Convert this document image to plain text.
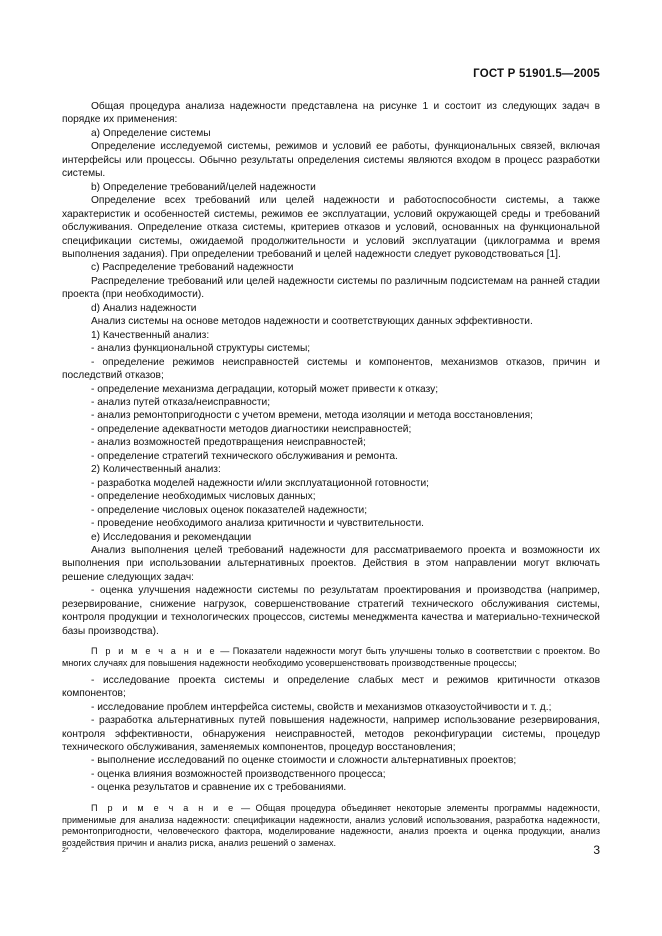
ГОСТ Р 51901.5—2005

Общая процедура анализа надежности представлена на рисунке 1 и состоит из следующих задач в порядке их применения:

a) Определение системы

Определение исследуемой системы, режимов и условий ее работы, функциональных связей, включая интерфейсы или процессы. Обычно результаты определения системы являются входом в процесс разработки системы.

b) Определение требований/целей надежности

Определение всех требований или целей надежности и работоспособности системы, а также характеристик и особенностей системы, режимов ее эксплуатации, условий окружающей среды и требований обслуживания. Определение отказа системы, критериев отказов и условий, основанных на функциональной спецификации системы, ожидаемой продолжительности и условий эксплуатации (циклограмма и время выполнения задания). При определении требований и целей надежности следует руководствоваться [1].

c) Распределение требований надежности

Распределение требований или целей надежности системы по различным подсистемам на ранней стадии проекта (при необходимости).

d) Анализ надежности

Анализ системы на основе методов надежности и соответствующих данных эффективности.

1) Качественный анализ:

- анализ функциональной структуры системы;

- определение режимов неисправностей системы и компонентов, механизмов отказов, причин и последствий отказов;

- определение механизма деградации, который может привести к отказу;

- анализ путей отказа/неисправности;

- анализ ремонтопригодности с учетом времени, метода изоляции и метода восстановления;

- определение адекватности методов диагностики неисправностей;

- анализ возможностей предотвращения неисправностей;

- определение стратегий технического обслуживания и ремонта.

2) Количественный анализ:

- разработка моделей надежности и/или эксплуатационной готовности;

- определение необходимых числовых данных;

- определение числовых оценок показателей надежности;

- проведение необходимого анализа критичности и чувствительности.

e) Исследования и рекомендации

Анализ выполнения целей требований надежности для рассматриваемого проекта и возможности их выполнения при использовании альтернативных проектов. Действия в этом направлении могут включать решение следующих задач:

- оценка улучшения надежности системы по результатам проектирования и производства (например, резервирование, снижение нагрузок, совершенствование стратегий технического обслуживания системы, контроля продукции и технологических процессов, системы менеджмента качества и материально-технической базы производства).

П р и м е ч а н и е — Показатели надежности могут быть улучшены только в соответствии с проектом. Во многих случаях для повышения надежности необходимо усовершенствовать производственные процессы;

- исследование проекта системы и определение слабых мест и режимов критичности отказов компонентов;

- исследование проблем интерфейса системы, свойств и механизмов отказоустойчивости и т. д.;

- разработка альтернативных путей повышения надежности, например использование резервирования, контроля эффективности, обнаружения неисправностей, методов реконфигурации системы, процедур технического обслуживания, заменяемых компонентов, процедур восстановления;

- выполнение исследований по оценке стоимости и сложности альтернативных проектов;

- оценка влияния возможностей производственного процесса;

- оценка результатов и сравнение их с требованиями.

П р и м е ч а н и е — Общая процедура объединяет некоторые элементы программы надежности, применимые для анализа надежности: спецификации надежности, анализ условий использования, разработка надежности, ремонтопригодности, человеческого фактора, моделирование надежности, анализ проекта и оценка продукции, анализ воздействия причин и анализ риска, анализ решений о заменах.

2*	3
